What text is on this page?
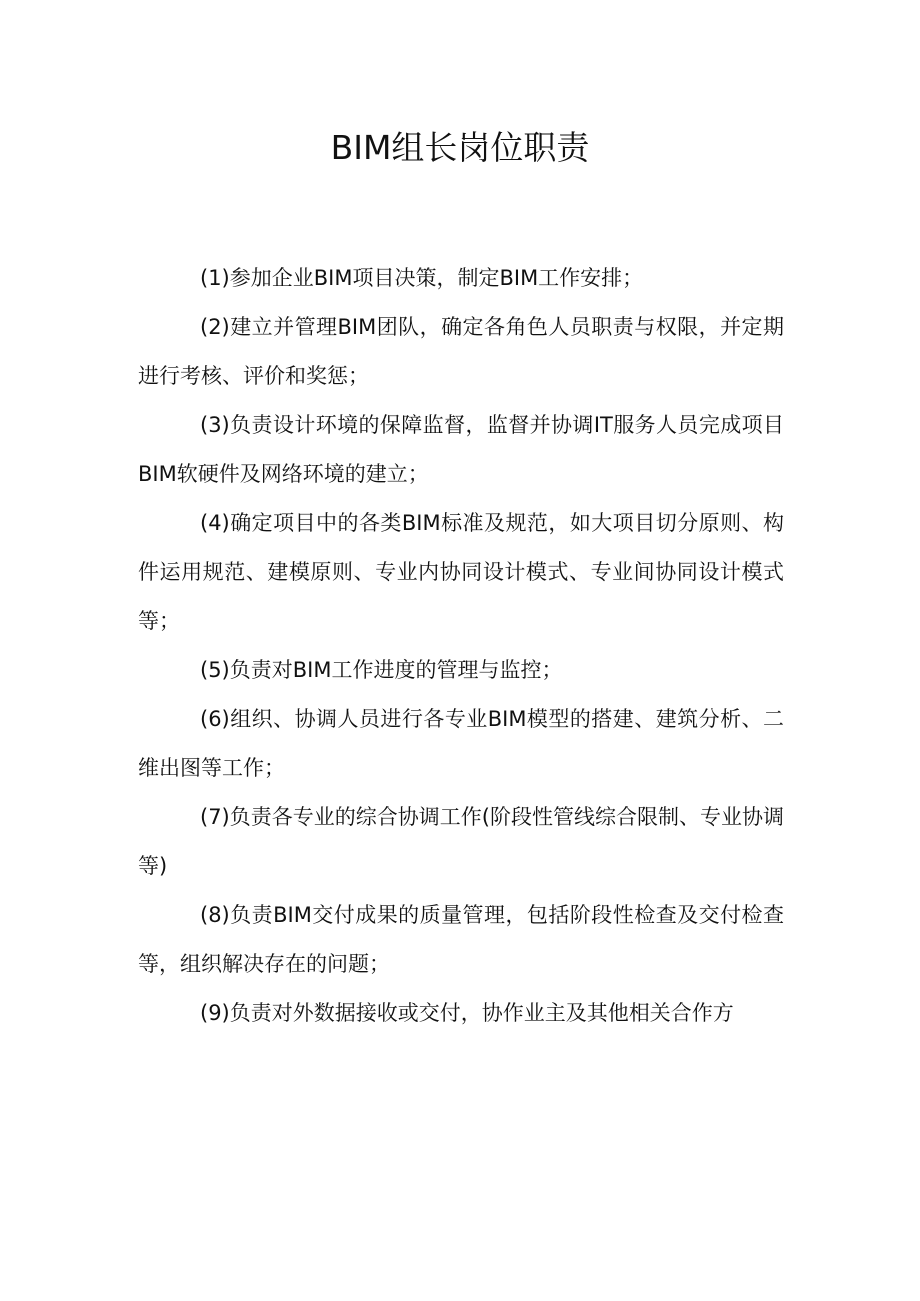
BIM组长岗位职责

(1)参加企业BIM项目决策，制定BIM工作安排；

(2)建立并管理BIM团队，确定各角色人员职责与权限，并定期进行考核、评价和奖惩；

(3)负责设计环境的保障监督，监督并协调IT服务人员完成项目BIM软硬件及网络环境的建立；

(4)确定项目中的各类BIM标准及规范，如大项目切分原则、构件运用规范、建模原则、专业内协同设计模式、专业间协同设计模式等；

(5)负责对BIM工作进度的管理与监控；

(6)组织、协调人员进行各专业BIM模型的搭建、建筑分析、二维出图等工作；

(7)负责各专业的综合协调工作(阶段性管线综合限制、专业协调等)

(8)负责BIM交付成果的质量管理，包括阶段性检查及交付检查等，组织解决存在的问题；

(9)负责对外数据接收或交付，协作业主及其他相关合作方
